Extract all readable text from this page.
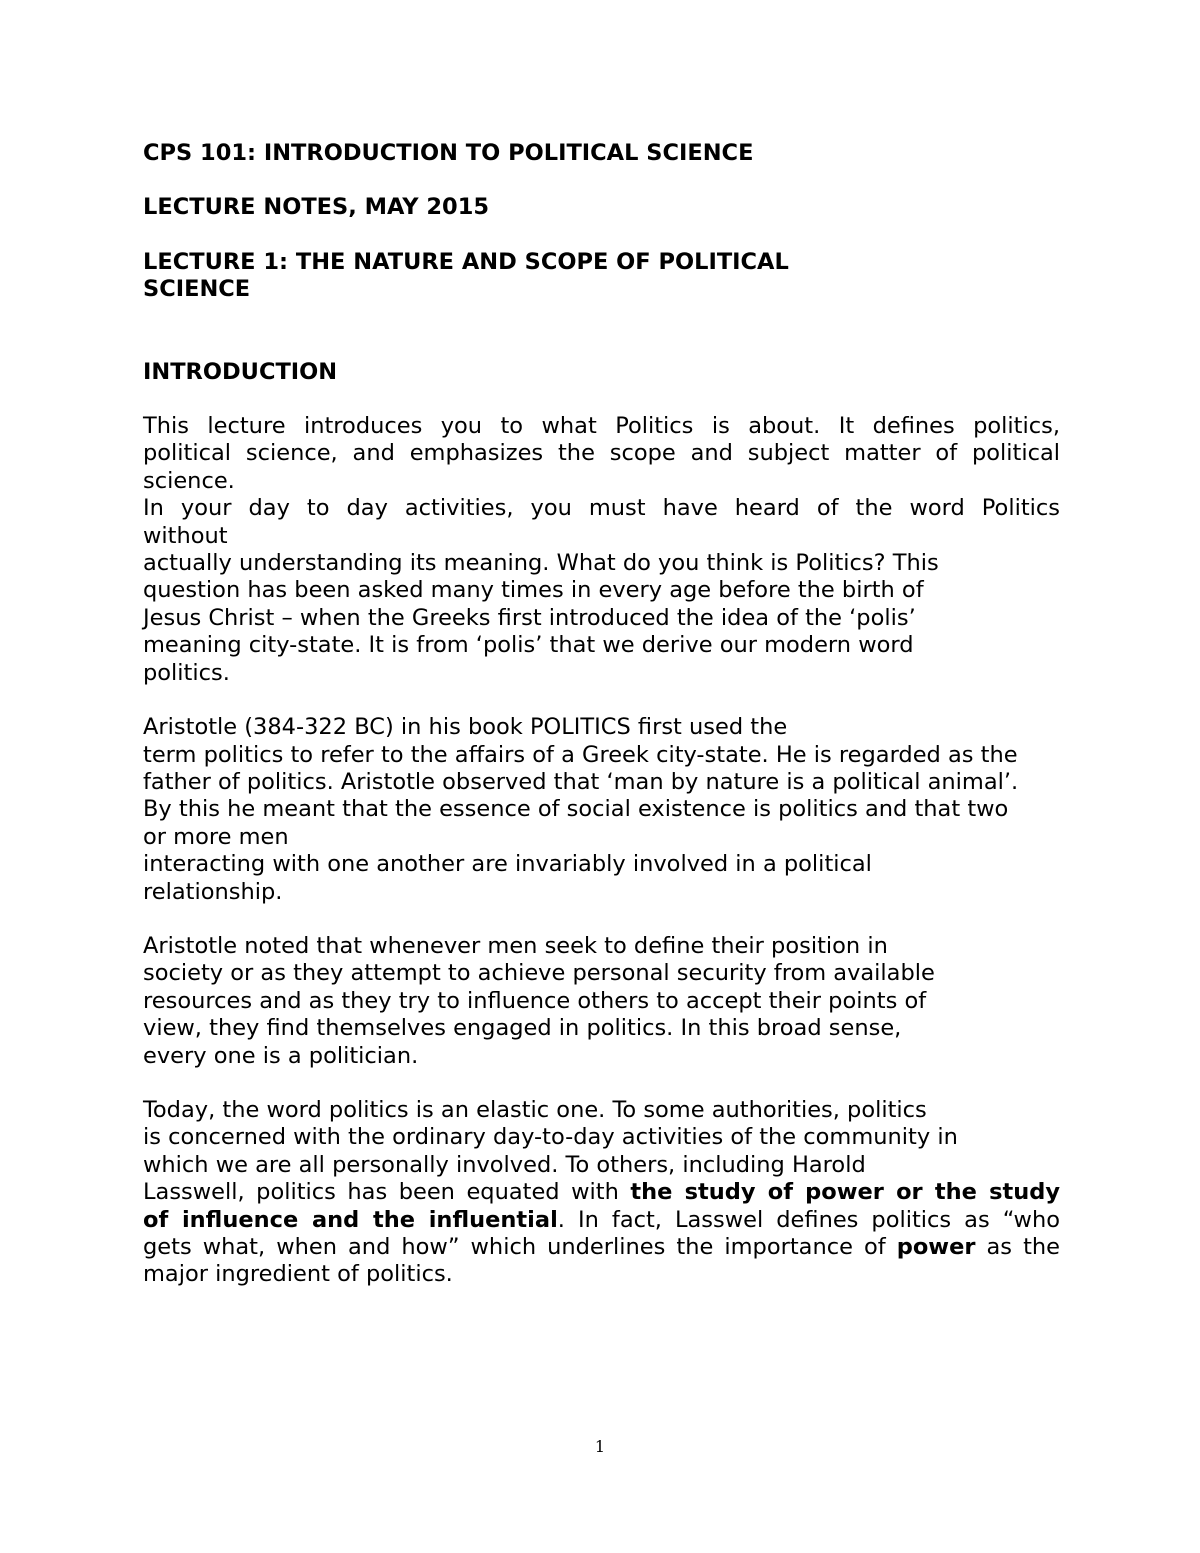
CPS 101: INTRODUCTION TO POLITICAL SCIENCE

LECTURE NOTES, MAY 2015

LECTURE 1: THE NATURE AND SCOPE OF POLITICAL
SCIENCE

INTRODUCTION

This lecture introduces you to what Politics is about. It defines politics,
political science, and emphasizes the scope and subject matter of political
science.
In your day to day activities, you must have heard of the word Politics
without
actually understanding its meaning. What do you think is Politics? This
question has been asked many times in every age before the birth of
Jesus Christ – when the Greeks first introduced the idea of the ‘polis’
meaning city-state. It is from ‘polis’ that we derive our modern word
politics.

Aristotle (384-322 BC) in his book POLITICS first used the
term politics to refer to the affairs of a Greek city-state. He is regarded as the
father of politics. Aristotle observed that ‘man by nature is a political animal’.
By this he meant that the essence of social existence is politics and that two
or more men
interacting with one another are invariably involved in a political
relationship.

Aristotle noted that whenever men seek to define their position in
society or as they attempt to achieve personal security from available
resources and as they try to influence others to accept their points of
view, they find themselves engaged in politics. In this broad sense,
every one is a politician.

Today, the word politics is an elastic one. To some authorities, politics
is concerned with the ordinary day-to-day activities of the community in
which we are all personally involved. To others, including Harold
Lasswell, politics has been equated with the study of power or the study
of influence and the influential. In fact, Lasswel defines politics as “who
gets what, when and how” which underlines the importance of power as the
major ingredient of politics.

1
